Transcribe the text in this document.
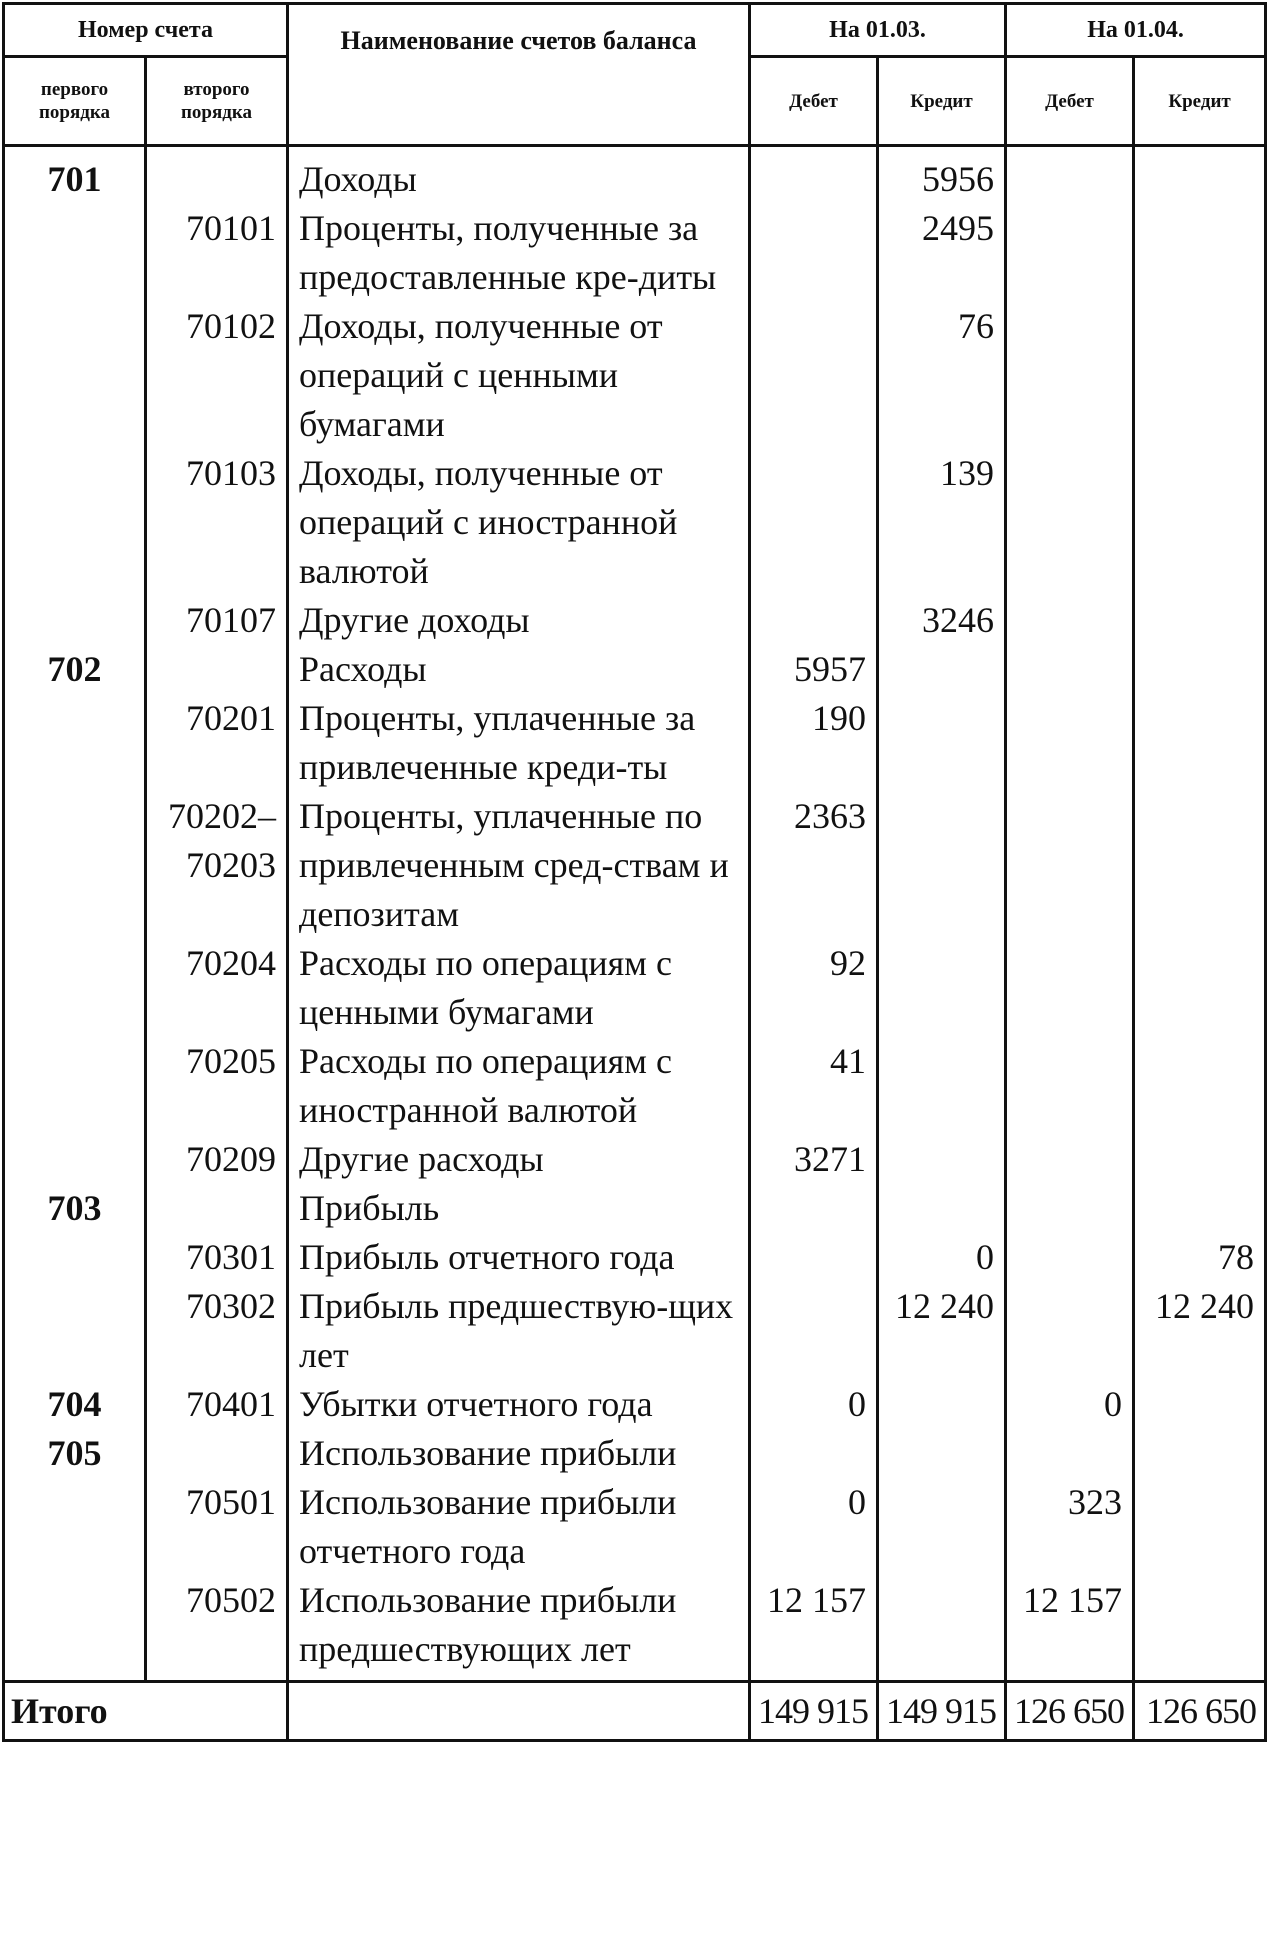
Номер счета		Наименование счетов баланса	На 01.03.		На 01.04.	
первого порядка	второго порядка		Дебет	Кредит	Дебет	Кредит
701		Доходы		5956		
	70101	Проценты, полученные за предоставленные кре-диты		2495		
	70102	Доходы, полученные от операций с ценными бумагами		76		
	70103	Доходы, полученные от операций с иностранной валютой		139		
	70107	Другие доходы		3246		
702		Расходы	5957			
	70201	Проценты, уплаченные за привлеченные креди-ты	190			
	70202–70203	Проценты, уплаченные по привлеченным сред-ствам и депозитам	2363			
	70204	Расходы по операциям с ценными бумагами	92			
	70205	Расходы по операциям с иностранной валютой	41			
	70209	Другие расходы	3271			
703		Прибыль				
	70301	Прибыль отчетного года		0		78
	70302	Прибыль предшествую-щих лет		12 240		12 240
704	70401	Убытки отчетного года	0		0	
705		Использование прибыли				
	70501	Использование прибыли отчетного года	0		323	
	70502	Использование прибыли предшествующих лет	12 157		12 157	
Итого			149 915	149 915	126 650	126 650
